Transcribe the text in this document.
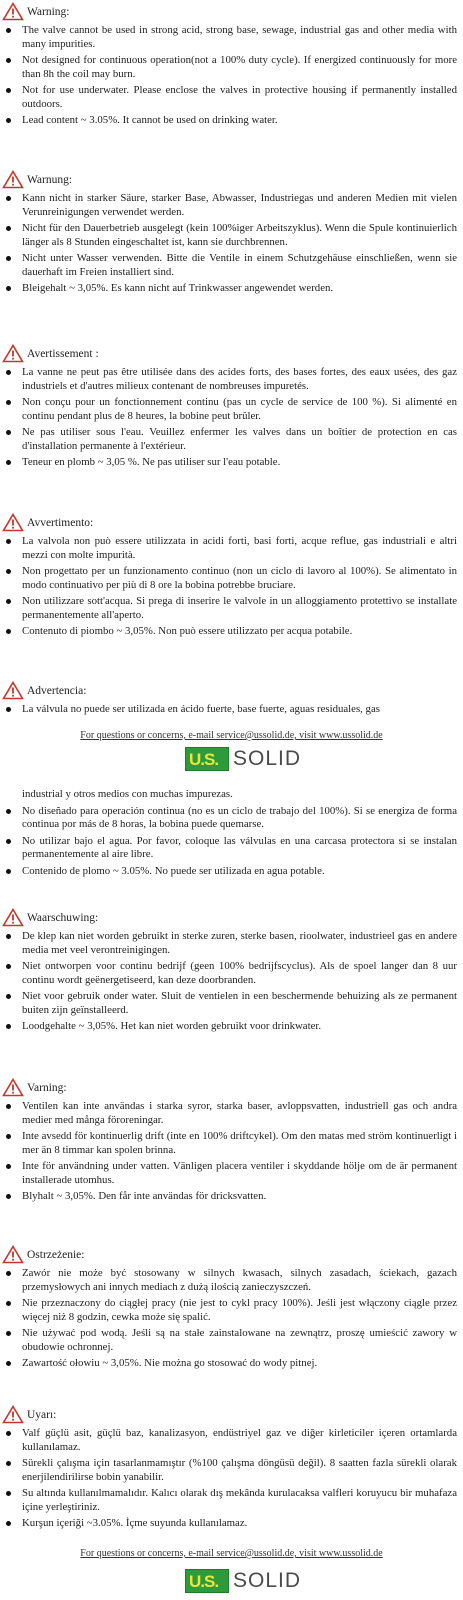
Warning:
The valve cannot be used in strong acid, strong base, sewage, industrial gas and other media with many impurities.
Not designed for continuous operation(not a 100% duty cycle). If energized continuously for more than 8h the coil may burn.
Not for use underwater. Please enclose the valves in protective housing if permanently installed outdoors.
Lead content ~ 3.05%. It cannot be used on drinking water.
Warnung:
Kann nicht in starker Säure, starker Base, Abwasser, Industriegas und anderen Medien mit vielen Verunreinigungen verwendet werden.
Nicht für den Dauerbetrieb ausgelegt (kein 100%iger Arbeitszyklus). Wenn die Spule kontinuierlich länger als 8 Stunden eingeschaltet ist, kann sie durchbrennen.
Nicht unter Wasser verwenden. Bitte die Ventile in einem Schutzgehäuse einschließen, wenn sie dauerhaft im Freien installiert sind.
Bleigehalt ~ 3,05%. Es kann nicht auf Trinkwasser angewendet werden.
Avertissement :
La vanne ne peut pas être utilisée dans des acides forts, des bases fortes, des eaux usées, des gaz industriels et d'autres milieux contenant de nombreuses impuretés.
Non conçu pour un fonctionnement continu (pas un cycle de service de 100 %). Si alimenté en continu pendant plus de 8 heures, la bobine peut brûler.
Ne pas utiliser sous l'eau. Veuillez enfermer les valves dans un boîtier de protection en cas d'installation permanente à l'extérieur.
Teneur en plomb ~ 3,05 %. Ne pas utiliser sur l'eau potable.
Avvertimento:
La valvola non può essere utilizzata in acidi forti, basi forti, acque reflue, gas industriali e altri mezzi con molte impurità.
Non progettato per un funzionamento continuo (non un ciclo di lavoro al 100%). Se alimentato in modo continuativo per più di 8 ore la bobina potrebbe bruciare.
Non utilizzare sott'acqua. Si prega di inserire le valvole in un alloggiamento protettivo se installate permanentemente all'aperto.
Contenuto di piombo ~ 3,05%. Non può essere utilizzato per acqua potabile.
Advertencia:
La válvula no puede ser utilizada en ácido fuerte, base fuerte, aguas residuales, gas
For questions or concerns, e-mail service@ussolid.de, visit www.ussolid.de
U.S. SOLID
industrial y otros medios con muchas impurezas.
No diseñado para operación continua (no es un ciclo de trabajo del 100%). Si se energiza de forma continua por más de 8 horas, la bobina puede quemarse.
No utilizar bajo el agua. Por favor, coloque las válvulas en una carcasa protectora si se instalan permanentemente al aire libre.
Contenido de plomo ~ 3.05%. No puede ser utilizada en agua potable.
Waarschuwing:
De klep kan niet worden gebruikt in sterke zuren, sterke basen, rioolwater, industrieel gas en andere media met veel verontreinigingen.
Niet ontworpen voor continu bedrijf (geen 100% bedrijfscyclus). Als de spoel langer dan 8 uur continu wordt geënergetiseerd, kan deze doorbranden.
Niet voor gebruik onder water. Sluit de ventielen in een beschermende behuizing als ze permanent buiten zijn geïnstalleerd.
Loodgehalte ~ 3,05%. Het kan niet worden gebruikt voor drinkwater.
Varning:
Ventilen kan inte användas i starka syror, starka baser, avloppsvatten, industriell gas och andra medier med många föroreningar.
Inte avsedd för kontinuerlig drift (inte en 100% driftcykel). Om den matas med ström kontinuerligt i mer än 8 timmar kan spolen brinna.
Inte för användning under vatten. Vänligen placera ventiler i skyddande hölje om de är permanent installerade utomhus.
Blyhalt ~ 3,05%. Den får inte användas för dricksvatten.
Ostrzeżenie:
Zawór nie może być stosowany w silnych kwasach, silnych zasadach, ściekach, gazach przemysłowych ani innych mediach z dużą ilością zanieczyszczeń.
Nie przeznaczony do ciągłej pracy (nie jest to cykl pracy 100%). Jeśli jest włączony ciągle przez więcej niż 8 godzin, cewka może się spalić.
Nie używać pod wodą. Jeśli są na stałe zainstalowane na zewnątrz, proszę umieścić zawory w obudowie ochronnej.
Zawartość ołowiu ~ 3,05%. Nie można go stosować do wody pitnej.
Uyarı:
Valf güçlü asit, güçlü baz, kanalizasyon, endüstriyel gaz ve diğer kirleticiler içeren ortamlarda kullanılamaz.
Sürekli çalışma için tasarlanmamıştır (%100 çalışma döngüsü değil). 8 saatten fazla sürekli olarak enerjilendirilirse bobin yanabilir.
Su altında kullanılmamalıdır. Kalıcı olarak dış mekânda kurulacaksa valfleri koruyucu bir muhafaza içine yerleştiriniz.
Kurşun içeriği ~3.05%. İçme suyunda kullanılamaz.
For questions or concerns, e-mail service@ussolid.de, visit www.ussolid.de
U.S. SOLID
